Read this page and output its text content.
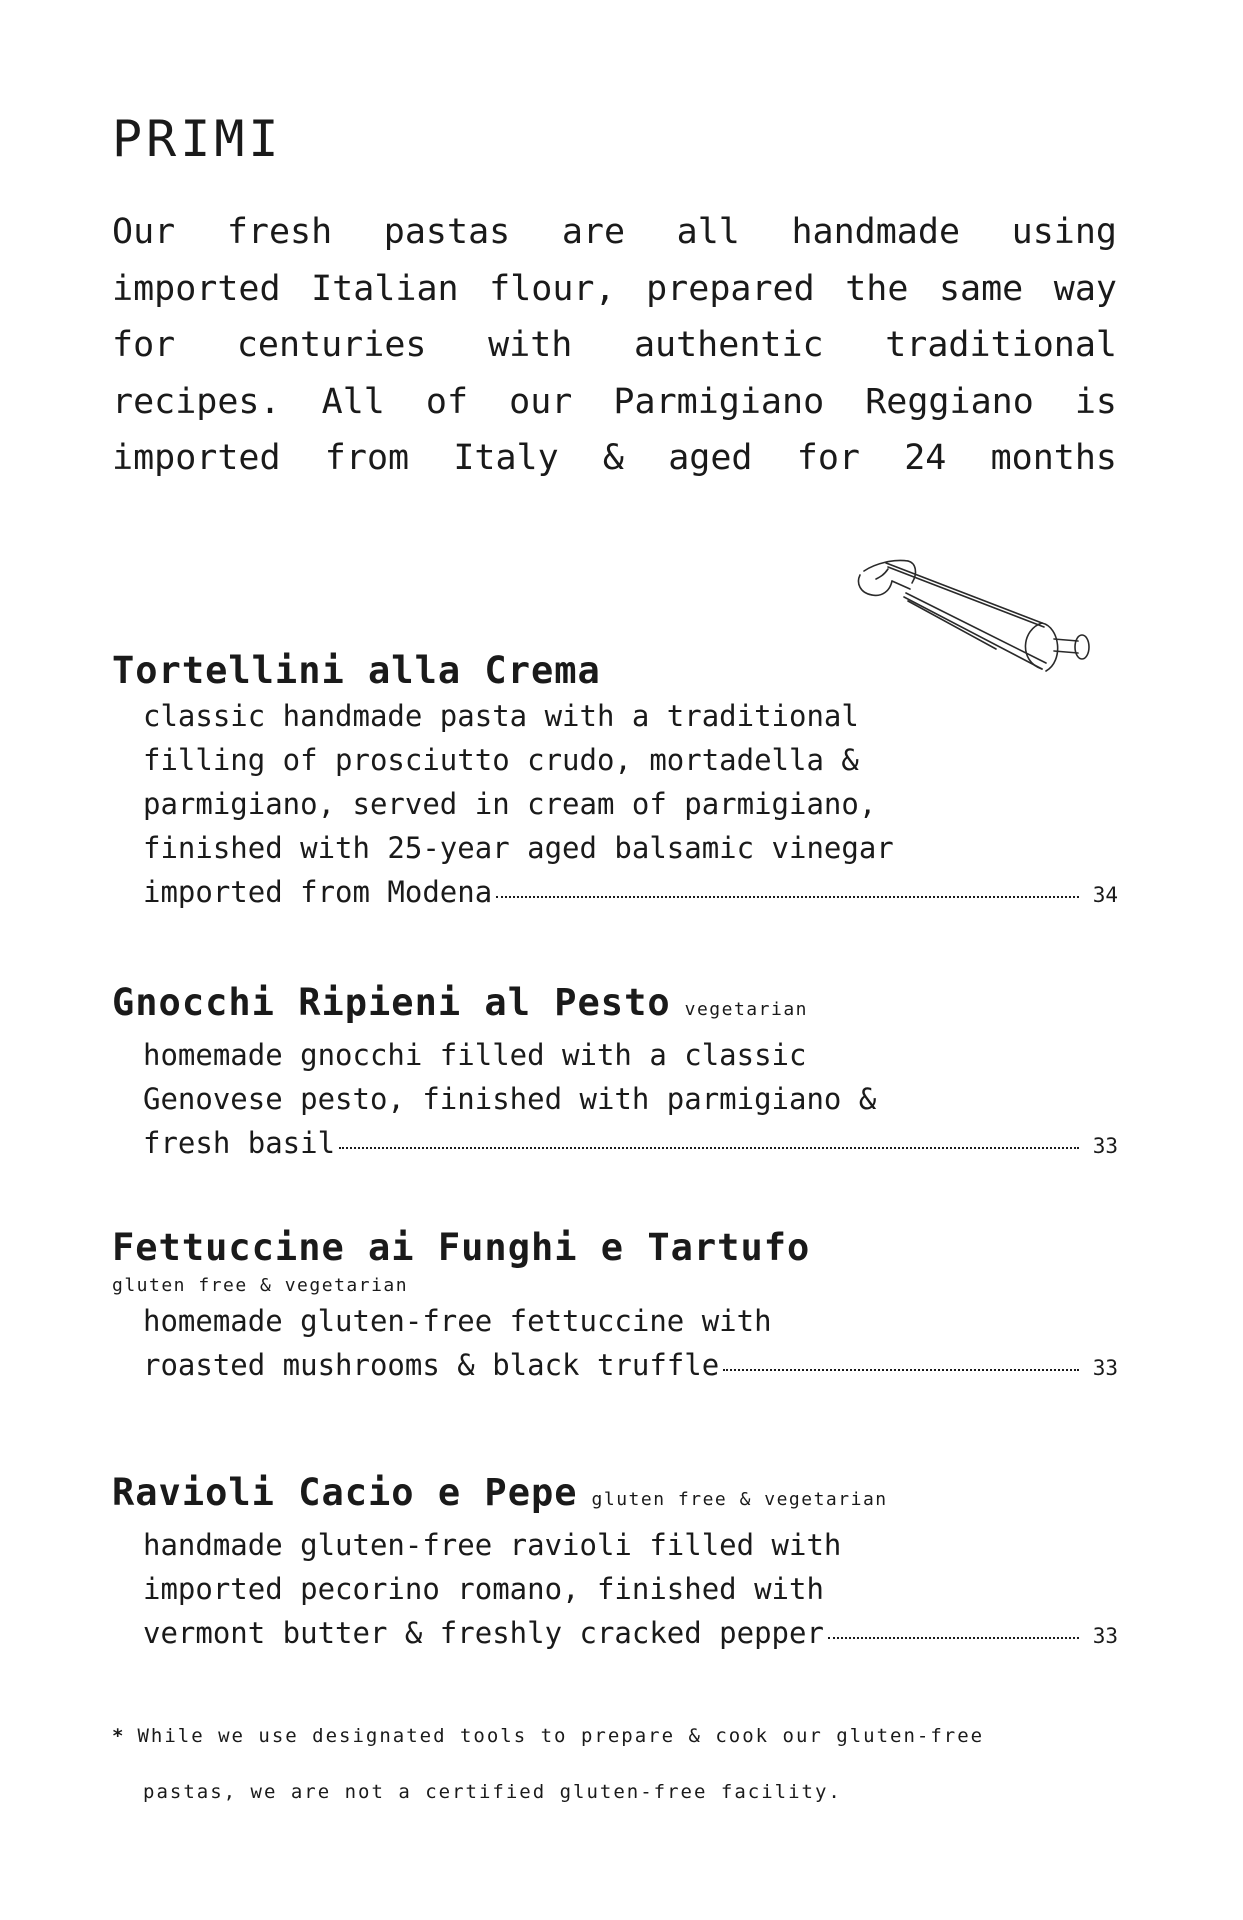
PRIMI

Our fresh pastas are all handmade using imported Italian flour, prepared the same way for centuries with authentic traditional recipes. All of our Parmigiano Reggiano is imported from Italy & aged for 24 months

Tortellini alla Crema
classic handmade pasta with a traditional
filling of prosciutto crudo, mortadella &
parmigiano, served in cream of parmigiano,
finished with 25-year aged balsamic vinegar
imported from Modena	34
Gnocchi Ripieni al Pesto vegetarian
homemade gnocchi filled with a classic
Genovese pesto, finished with parmigiano &
fresh basil	33
Fettuccine ai Funghi e Tartufo
gluten free & vegetarian
homemade gluten-free fettuccine with
roasted mushrooms & black truffle	33
Ravioli Cacio e Pepe gluten free & vegetarian
handmade gluten-free ravioli filled with
imported pecorino romano, finished with
vermont butter & freshly cracked pepper	33

* While we use designated tools to prepare & cook our gluten-free
pastas, we are not a certified gluten-free facility.
